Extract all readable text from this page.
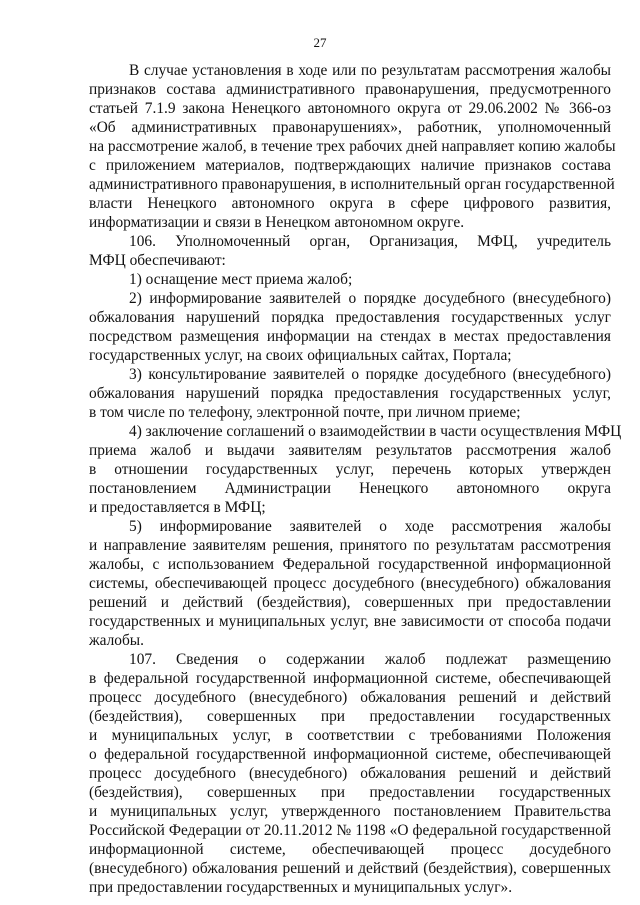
27
В случае установления в ходе или по результатам рассмотрения жалобы
признаков состава административного правонарушения, предусмотренного
статьей 7.1.9 закона Ненецкого автономного округа от 29.06.2002 № 366-оз
«Об административных правонарушениях», работник, уполномоченный
на рассмотрение жалоб, в течение трех рабочих дней направляет копию жалобы
с приложением материалов, подтверждающих наличие признаков состава
административного правонарушения, в исполнительный орган государственной
власти Ненецкого автономного округа в сфере цифрового развития,
информатизации и связи в Ненецком автономном округе.
106. Уполномоченный орган, Организация, МФЦ, учредитель
МФЦ обеспечивают:
1) оснащение мест приема жалоб;
2) информирование заявителей о порядке досудебного (внесудебного)
обжалования нарушений порядка предоставления государственных услуг
посредством размещения информации на стендах в местах предоставления
государственных услуг, на своих официальных сайтах, Портала;
3) консультирование заявителей о порядке досудебного (внесудебного)
обжалования нарушений порядка предоставления государственных услуг,
в том числе по телефону, электронной почте, при личном приеме;
4) заключение соглашений о взаимодействии в части осуществления МФЦ
приема жалоб и выдачи заявителям результатов рассмотрения жалоб
в отношении государственных услуг, перечень которых утвержден
постановлением Администрации Ненецкого автономного округа
и предоставляется в МФЦ;
5) информирование заявителей о ходе рассмотрения жалобы
и направление заявителям решения, принятого по результатам рассмотрения
жалобы, с использованием Федеральной государственной информационной
системы, обеспечивающей процесс досудебного (внесудебного) обжалования
решений и действий (бездействия), совершенных при предоставлении
государственных и муниципальных услуг, вне зависимости от способа подачи
жалобы.
107. Сведения о содержании жалоб подлежат размещению
в федеральной государственной информационной системе, обеспечивающей
процесс досудебного (внесудебного) обжалования решений и действий
(бездействия), совершенных при предоставлении государственных
и муниципальных услуг, в соответствии с требованиями Положения
о федеральной государственной информационной системе, обеспечивающей
процесс досудебного (внесудебного) обжалования решений и действий
(бездействия), совершенных при предоставлении государственных
и муниципальных услуг, утвержденного постановлением Правительства
Российской Федерации от 20.11.2012 № 1198 «О федеральной государственной
информационной системе, обеспечивающей процесс досудебного
(внесудебного) обжалования решений и действий (бездействия), совершенных
при предоставлении государственных и муниципальных услуг».
